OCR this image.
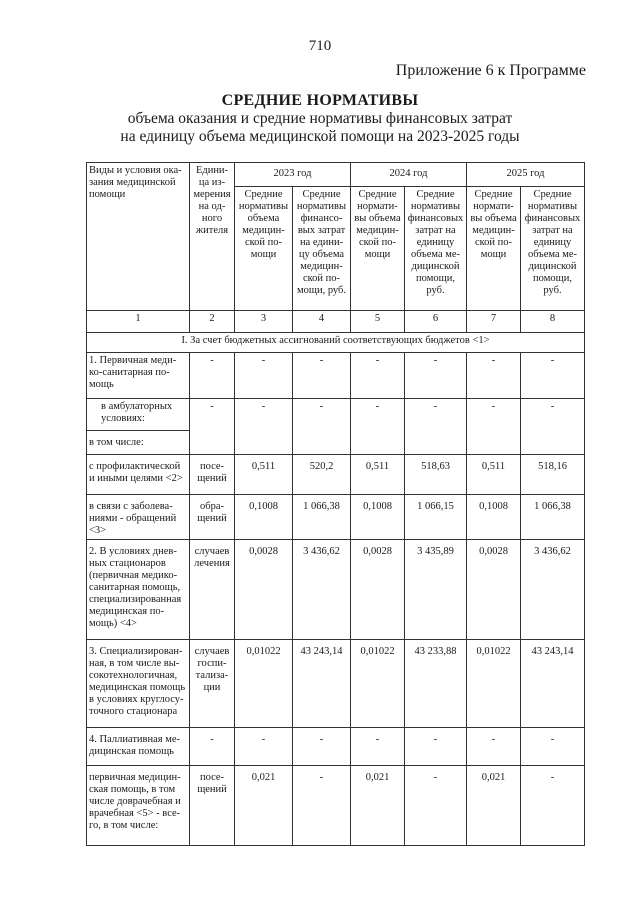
710
Приложение 6 к Программе
СРЕДНИЕ НОРМАТИВЫ
объема оказания и средние нормативы финансовых затрат
на единицу объема медицинской помощи на 2023-2025 годы
Виды и условия ока-зания медицинской помощи	Едини-ца из-мерения на од-ного жителя	2023 год		2024 год		2025 год	
		Средние нормативы объема медицин-ской по-мощи	Средние нормативы финансо-вых затрат на едини-цу объема медицин-ской по-мощи, руб.	Средние нормати-вы объема медицин-ской по-мощи	Средние нормативы финансовых затрат на единицу объема ме-дицинской помощи, руб.	Средние нормати-вы объема медицин-ской по-мощи	Средние нормативы финансовых затрат на единицу объема ме-дицинской помощи, руб.
1	2	3	4	5	6	7	8
I. За счет бюджетных ассигнований соответствующих бюджетов <1>							
1. Первичная меди-ко-санитарная по-мощь	-	-	-	-	-	-	-
в амбулаторных условиях:	-	-	-	-	-	-	-
в том числе:							
с профилактической и иными целями <2>	посе-щений	0,511	520,2	0,511	518,63	0,511	518,16
в связи с заболева-ниями - обращений <3>	обра-щений	0,1008	1 066,38	0,1008	1 066,15	0,1008	1 066,38
2. В условиях днев-ных стационаров (первичная медико-санитарная помощь, специализированная медицинская по-мощь) <4>	случаев лечения	0,0028	3 436,62	0,0028	3 435,89	0,0028	3 436,62
3. Специализирован-ная, в том числе вы-сокотехнологичная, медицинская помощь в условиях круглосу-точного стационара	случаев госпи-тализа-ции	0,01022	43 243,14	0,01022	43 233,88	0,01022	43 243,14
4. Паллиативная ме-дицинская помощь	-	-	-	-	-	-	-
первичная медицин-ская помощь, в том числе доврачебная и врачебная <5> - все-го, в том числе:	посе-щений	0,021	-	0,021	-	0,021	-
